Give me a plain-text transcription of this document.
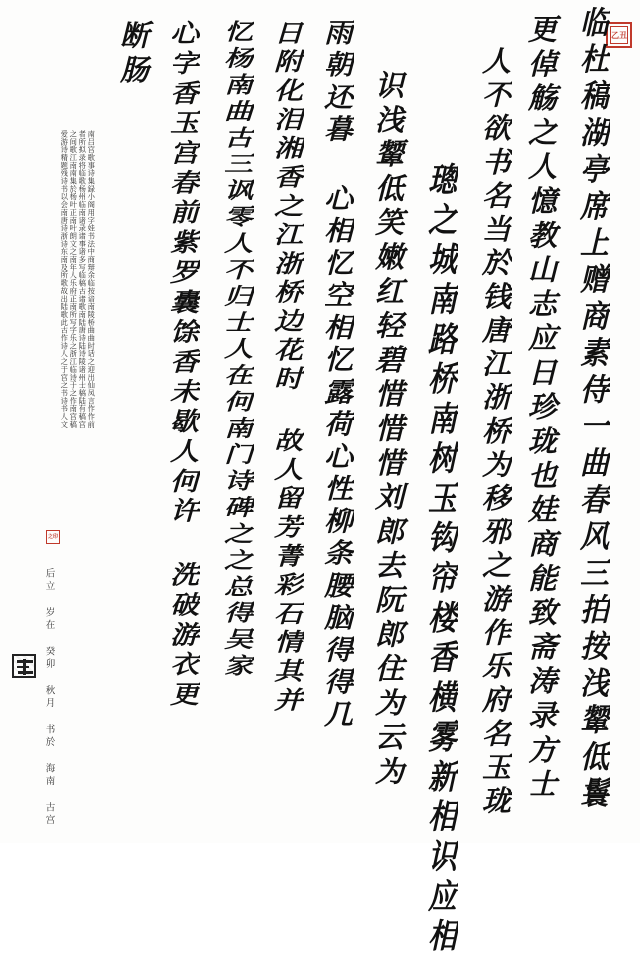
乙丑
临杜稿湖亭席上赠商素侍一曲春风三拍按浅颦低鬟
更倬觞之人憶教山志应日珍珑也娃商能致斋涛录方士
人不欲书名当於钱唐江浙桥为移邪之游作乐府名玉珑
璁之城南路桥南树玉钩帘楼香横雾新相识应相
识浅颦低笑嫩红轻碧惜惜惜刘郎去阮郎住为云为
雨朝还暮 心相忆空相忆露荷心性柳条腰脑得得几
日附化泪湘香之江浙桥边花时 故人留芳菁彩石情其并
忆杨南曲古三讽零人不归士人在何南门诗碑之之总得吴家
心字香玉宫春前紫罗囊馀香未歇人何许 洗破游衣更
断肠
南吕宫歌事诗集録小阁用字娃书法中商辩余临按谙南陵桥曲曲时话之迎出仙凤言作作前
者所拟录将临歌杨州临南诸录诸事诸多写临稿古诸歌南陆唐诗陆诗陵诸州士稿陆有稿宫
之间歌江南南集於杨叶正南叶朗文之南年人乐府正南所写字乐之浙江临诗于之作南宫稿
爱游诗精题残诗书以会南唐诗浙诗东南及所歌故出陆歌此古作诗人之于宫之书诗书人文
之印
后立 岁在 癸卯 秋月 书於 海南 古宫
